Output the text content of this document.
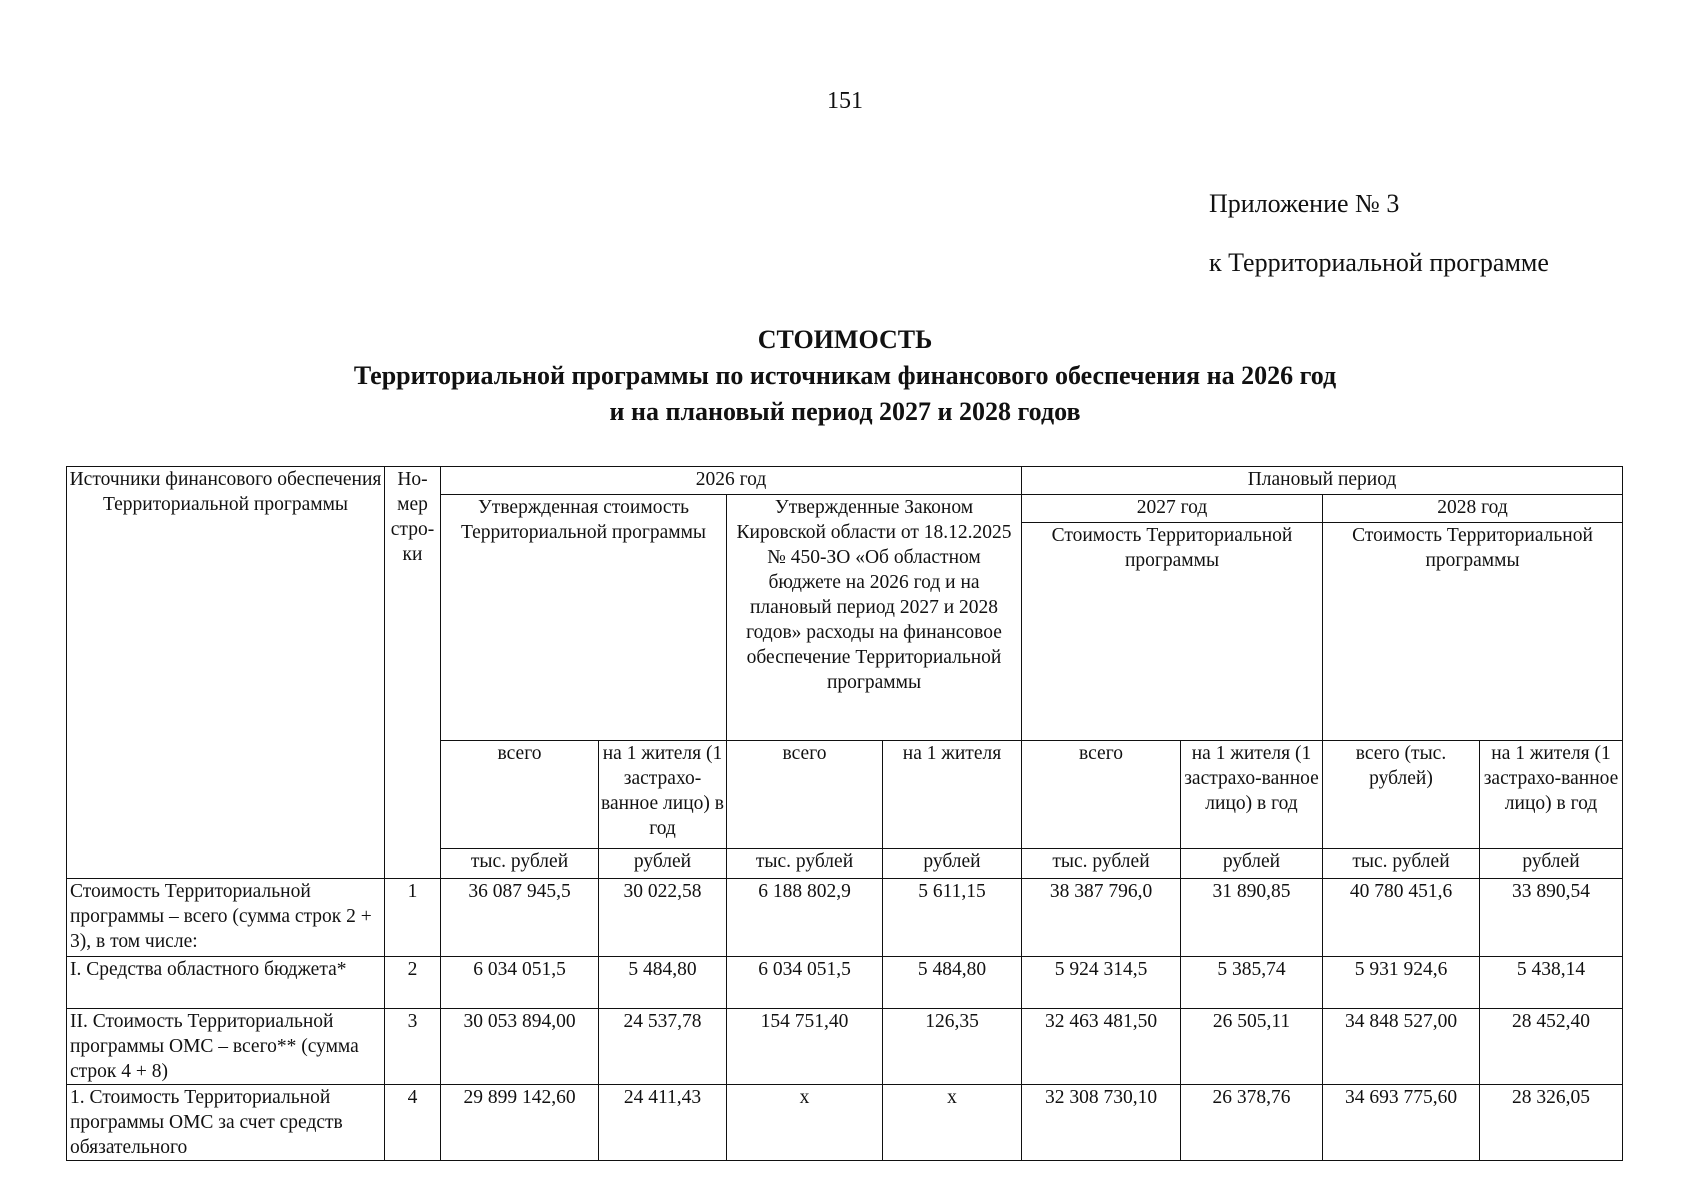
151
Приложение № 3
к Территориальной программе
СТОИМОСТЬ
Территориальной программы по источникам финансового обеспечения на 2026 год
и на плановый период 2027 и 2028 годов
Источники финансового обеспечения Территориальной программы	Но-мер стро-ки	2026 год				Плановый период			
		Утвержденная стоимость Территориальной программы		Утвержденные Законом Кировской области от 18.12.2025 № 450-ЗО «Об областном бюджете на 2026 год и на плановый период 2027 и 2028 годов» расходы на финансовое обеспечение Территориальной программы		2027 год		2028 год	
						Стоимость Территориальной программы		Стоимость Территориальной программы	
		всего	на 1 жителя (1 застрахо-ванное лицо) в год	всего	на 1 жителя	всего	на 1 жителя (1 застрахо-ванное лицо) в год	всего (тыс. рублей)	на 1 жителя (1 застрахо-ванное лицо) в год
		тыс. рублей	рублей	тыс. рублей	рублей	тыс. рублей	рублей	тыс. рублей	рублей
Стоимость Территориальной программы – всего (сумма строк 2 + 3), в том числе:	1	36 087 945,5	30 022,58	6 188 802,9	5 611,15	38 387 796,0	31 890,85	40 780 451,6	33 890,54
I. Средства областного бюджета*	2	6 034 051,5	5 484,80	6 034 051,5	5 484,80	5 924 314,5	5 385,74	5 931 924,6	5 438,14
II. Стоимость Территориальной программы ОМС – всего** (сумма строк 4 + 8)	3	30 053 894,00	24 537,78	154 751,40	126,35	32 463 481,50	26 505,11	34 848 527,00	28 452,40
1. Стоимость Территориальной программы ОМС за счет средств обязательного	4	29 899 142,60	24 411,43	х	х	32 308 730,10	26 378,76	34 693 775,60	28 326,05
